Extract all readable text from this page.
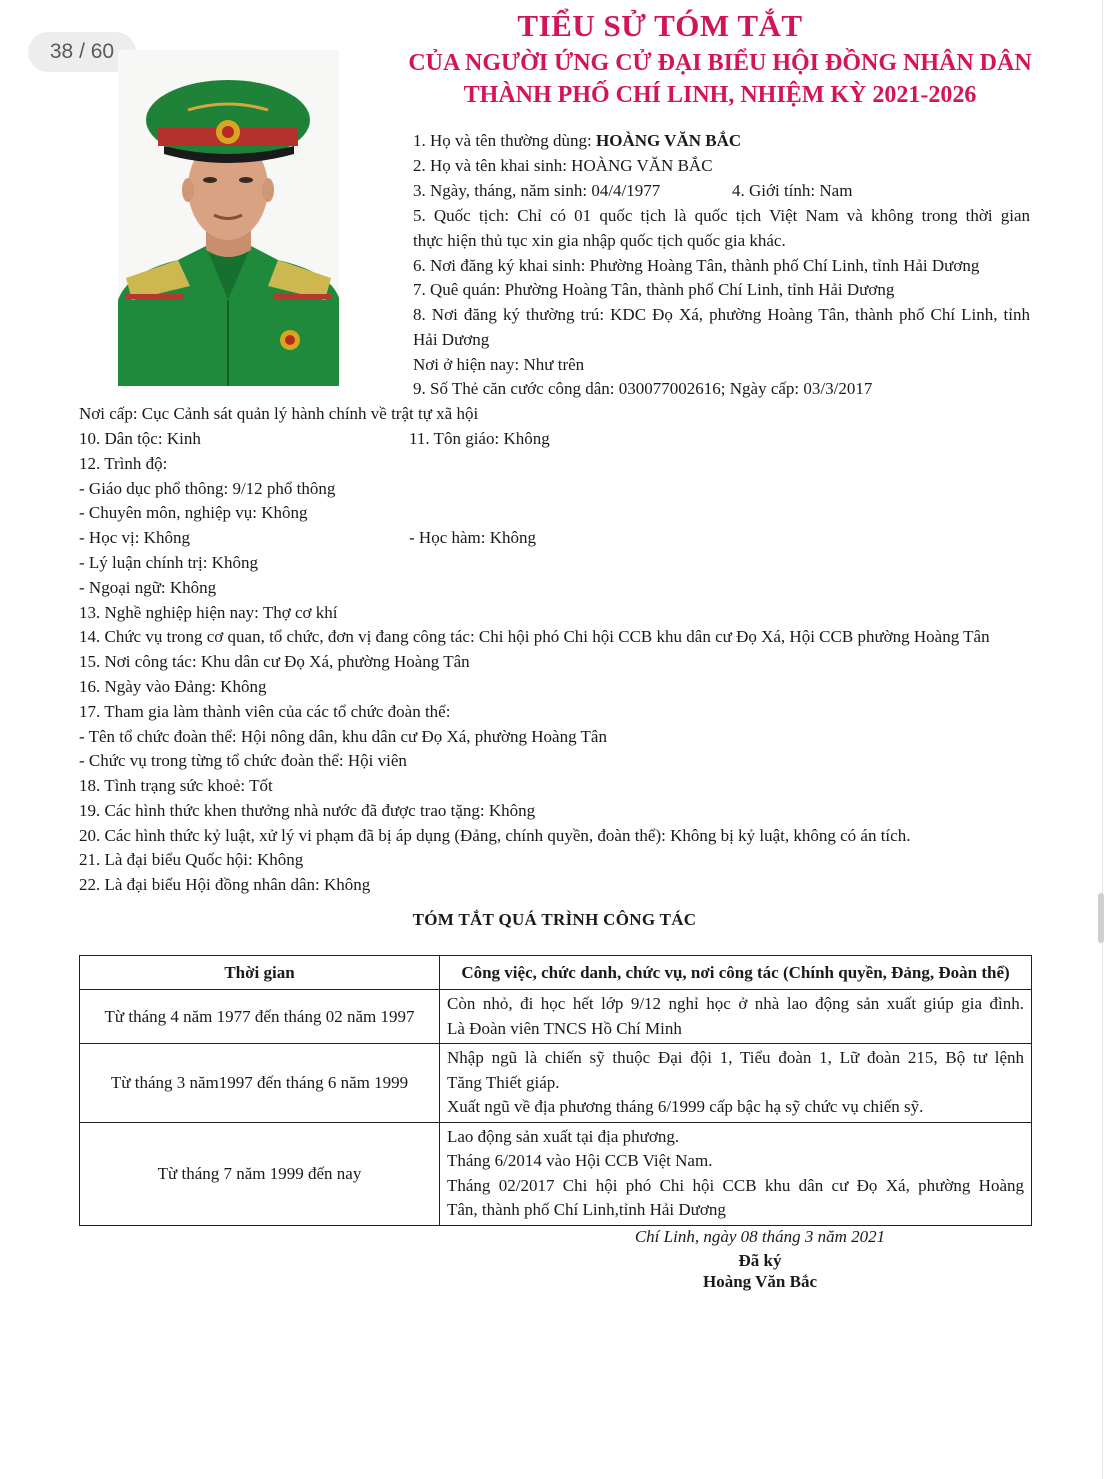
38 / 60
TIỂU SỬ TÓM TẮT
CỦA NGƯỜI ỨNG CỬ ĐẠI BIỂU HỘI ĐỒNG NHÂN DÂN
THÀNH PHỐ CHÍ LINH, NHIỆM KỲ 2021-2026
1. Họ và tên thường dùng: HOÀNG VĂN BẮC
2. Họ và tên khai sinh: HOÀNG VĂN BẮC
3. Ngày, tháng, năm sinh: 04/4/1977	4. Giới tính: Nam
5. Quốc tịch: Chỉ có 01 quốc tịch là quốc tịch Việt Nam và không trong thời gian
thực hiện thủ tục xin gia nhập quốc tịch quốc gia khác.
6. Nơi đăng ký khai sinh: Phường Hoàng Tân, thành phố Chí Linh, tỉnh Hải Dương
7. Quê quán: Phường Hoàng Tân, thành phố Chí Linh, tỉnh Hải Dương
8. Nơi đăng ký thường trú: KDC Đọ Xá, phường Hoàng Tân, thành phố Chí Linh, tỉnh
Hải Dương
Nơi ở hiện nay: Như trên
9. Số Thẻ căn cước công dân: 030077002616; Ngày cấp: 03/3/2017
Nơi cấp: Cục Cảnh sát quản lý hành chính về trật tự xã hội
10. Dân tộc: Kinh	11. Tôn giáo: Không
12. Trình độ:
- Giáo dục phổ thông: 9/12 phổ thông
- Chuyên môn, nghiệp vụ: Không
- Học vị: Không	- Học hàm: Không
- Lý luận chính trị: Không
- Ngoại ngữ: Không
13. Nghề nghiệp hiện nay: Thợ cơ khí
14. Chức vụ trong cơ quan, tổ chức, đơn vị đang công tác: Chi hội phó Chi hội CCB khu dân cư Đọ Xá, Hội CCB phường Hoàng Tân
15. Nơi công tác: Khu dân cư Đọ Xá, phường Hoàng Tân
16. Ngày vào Đảng: Không
17. Tham gia làm thành viên của các tổ chức đoàn thể:
- Tên tổ chức đoàn thể: Hội nông dân, khu dân cư Đọ Xá, phường Hoàng Tân
- Chức vụ trong từng tổ chức đoàn thể: Hội viên
18. Tình trạng sức khoẻ: Tốt
19. Các hình thức khen thưởng nhà nước đã được trao tặng: Không
20. Các hình thức kỷ luật, xử lý vi phạm đã bị áp dụng (Đảng, chính quyền, đoàn thể): Không bị kỷ luật, không có án tích.
21. Là đại biểu Quốc hội: Không
22. Là đại biểu Hội đồng nhân dân: Không
TÓM TẮT QUÁ TRÌNH CÔNG TÁC
Thời gian	Công việc, chức danh, chức vụ, nơi công tác (Chính quyền, Đảng, Đoàn thể)
Từ tháng 4 năm 1977 đến tháng 02 năm 1997	Còn nhỏ, đi học hết lớp 9/12 nghỉ học ở nhà lao động sản xuất giúp gia đình.
Là Đoàn viên TNCS Hồ Chí Minh

Từ tháng 3 năm1997 đến tháng 6 năm 1999	Nhập ngũ là chiến sỹ thuộc Đại đội 1, Tiểu đoàn 1, Lữ đoàn 215, Bộ tư lệnh
Tăng Thiết giáp.
Xuất ngũ về địa phương tháng 6/1999 cấp bậc hạ sỹ chức vụ chiến sỹ.

Từ tháng 7 năm 1999 đến nay	Lao động sản xuất tại địa phương.
Tháng 6/2014 vào Hội CCB Việt Nam.
Tháng 02/2017 Chi hội phó Chi hội CCB khu dân cư Đọ Xá, phường Hoàng
Tân, thành phố Chí Linh,tỉnh Hải Dương
Chí Linh, ngày 08 tháng 3 năm 2021
Đã ký
Hoàng Văn Bắc
